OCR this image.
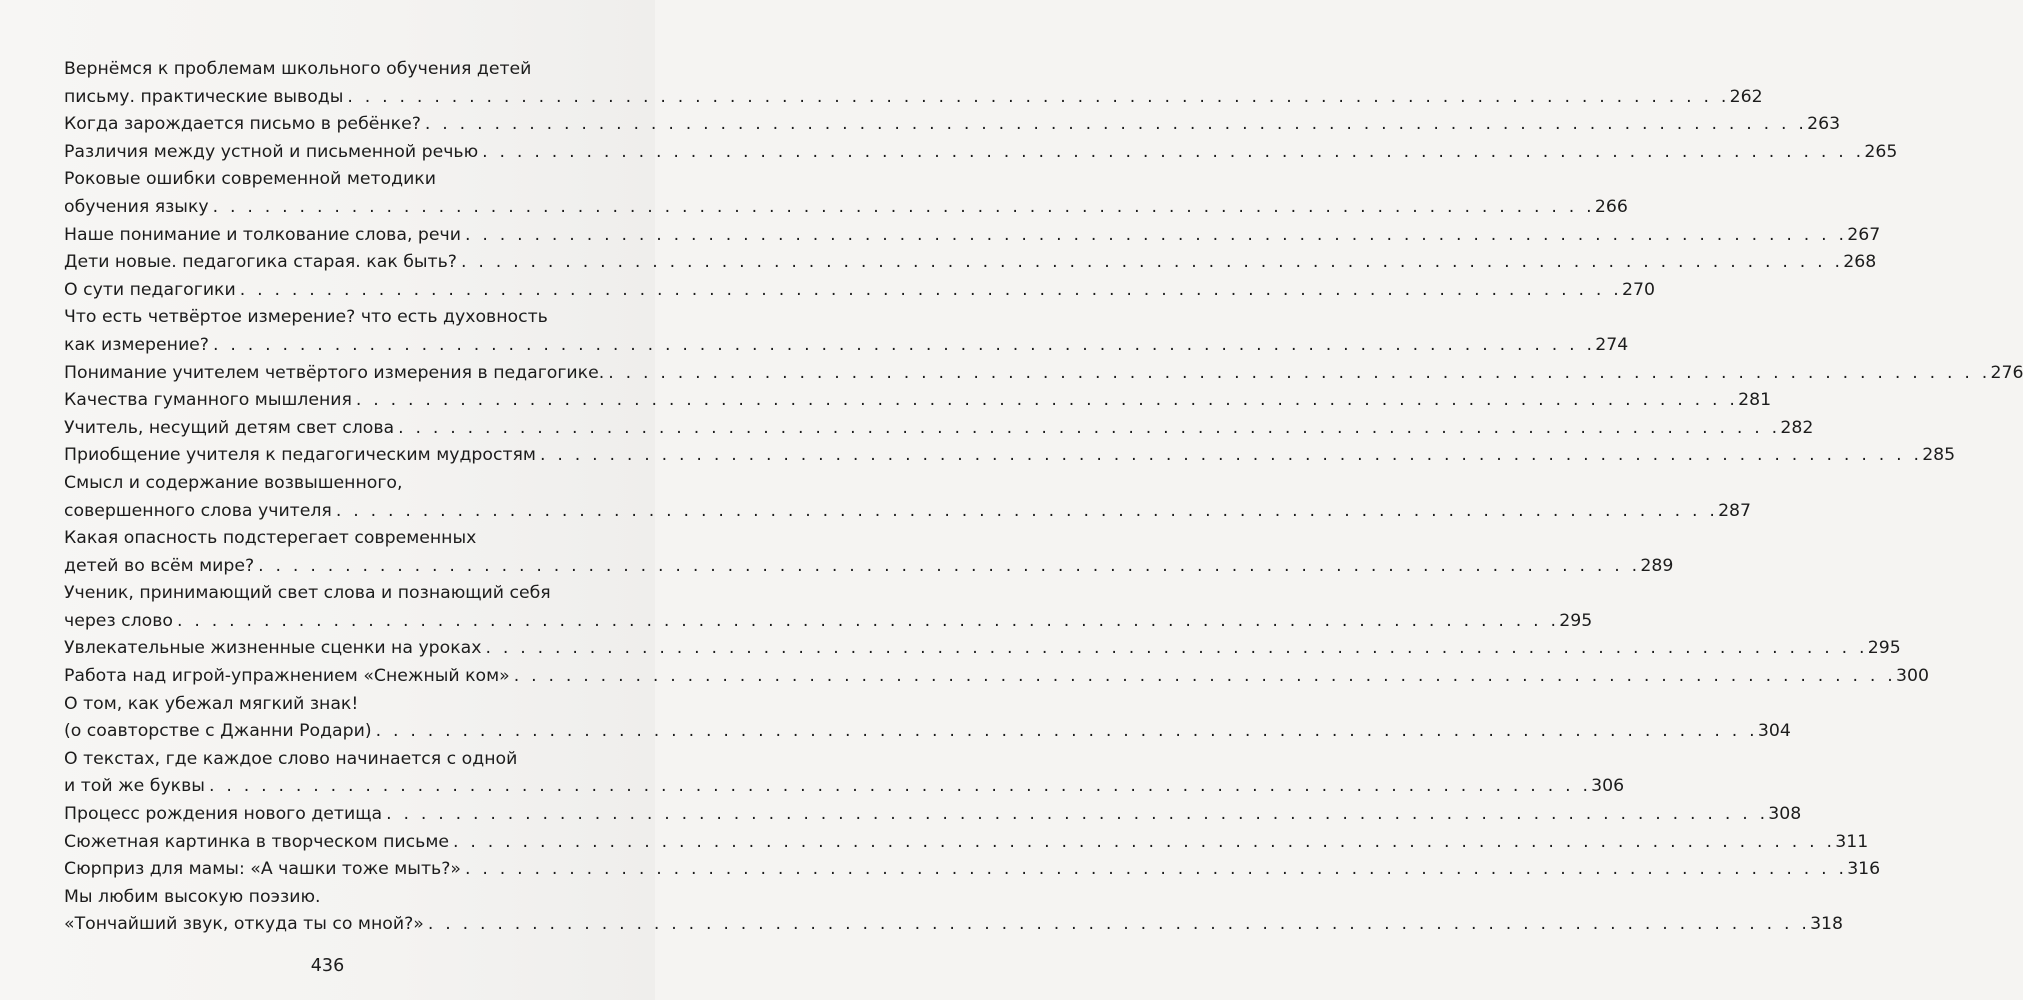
Вернёмся к проблемам школьного обучения детей
письму. практические выводы . . . . . . . . . . . . . . . . . . . . . . . . . . . . . . . . . . . . . . . . . . . . . . . . . . . . . . . . . . . . . . . . . . . . . . . . . . . . . . . . 262
Когда зарождается письмо в ребёнке? . . . . . . . . . . . . . . . . . . . . . . . . . . . . . . . . . . . . . . . . . . . . . . . . . . . . . . . . . . . . . . . . . . . . . . . . . . . . . . . . 263
Различия между устной и письменной речью . . . . . . . . . . . . . . . . . . . . . . . . . . . . . . . . . . . . . . . . . . . . . . . . . . . . . . . . . . . . . . . . . . . . . . . . . . . . . . . . 265
Роковые ошибки современной методики
обучения языку . . . . . . . . . . . . . . . . . . . . . . . . . . . . . . . . . . . . . . . . . . . . . . . . . . . . . . . . . . . . . . . . . . . . . . . . . . . . . . . . 266
Наше понимание и толкование слова, речи . . . . . . . . . . . . . . . . . . . . . . . . . . . . . . . . . . . . . . . . . . . . . . . . . . . . . . . . . . . . . . . . . . . . . . . . . . . . . . . . 267
Дети новые. педагогика старая. как быть? . . . . . . . . . . . . . . . . . . . . . . . . . . . . . . . . . . . . . . . . . . . . . . . . . . . . . . . . . . . . . . . . . . . . . . . . . . . . . . . . 268
О сути педагогики . . . . . . . . . . . . . . . . . . . . . . . . . . . . . . . . . . . . . . . . . . . . . . . . . . . . . . . . . . . . . . . . . . . . . . . . . . . . . . . . 270
Что есть четвёртое измерение? что есть духовность
как измерение? . . . . . . . . . . . . . . . . . . . . . . . . . . . . . . . . . . . . . . . . . . . . . . . . . . . . . . . . . . . . . . . . . . . . . . . . . . . . . . . . 274
Понимание учителем четвёртого измерения в педагогике. . . . . . . . . . . . . . . . . . . . . . . . . . . . . . . . . . . . . . . . . . . . . . . . . . . . . . . . . . . . . . . . . . . . . . . . . . . . . . . . . 276
Качества гуманного мышления . . . . . . . . . . . . . . . . . . . . . . . . . . . . . . . . . . . . . . . . . . . . . . . . . . . . . . . . . . . . . . . . . . . . . . . . . . . . . . . . 281
Учитель, несущий детям свет слова . . . . . . . . . . . . . . . . . . . . . . . . . . . . . . . . . . . . . . . . . . . . . . . . . . . . . . . . . . . . . . . . . . . . . . . . . . . . . . . . 282
Приобщение учителя к педагогическим мудростям . . . . . . . . . . . . . . . . . . . . . . . . . . . . . . . . . . . . . . . . . . . . . . . . . . . . . . . . . . . . . . . . . . . . . . . . . . . . . . . . 285
Смысл и содержание возвышенного,
совершенного слова учителя . . . . . . . . . . . . . . . . . . . . . . . . . . . . . . . . . . . . . . . . . . . . . . . . . . . . . . . . . . . . . . . . . . . . . . . . . . . . . . . . 287
Какая опасность подстерегает современных
детей во всём мире? . . . . . . . . . . . . . . . . . . . . . . . . . . . . . . . . . . . . . . . . . . . . . . . . . . . . . . . . . . . . . . . . . . . . . . . . . . . . . . . . 289
Ученик, принимающий свет слова и познающий себя
через слово . . . . . . . . . . . . . . . . . . . . . . . . . . . . . . . . . . . . . . . . . . . . . . . . . . . . . . . . . . . . . . . . . . . . . . . . . . . . . . . . 295
Увлекательные жизненные сценки на уроках . . . . . . . . . . . . . . . . . . . . . . . . . . . . . . . . . . . . . . . . . . . . . . . . . . . . . . . . . . . . . . . . . . . . . . . . . . . . . . . . 295
Работа над игрой-упражнением «Снежный ком» . . . . . . . . . . . . . . . . . . . . . . . . . . . . . . . . . . . . . . . . . . . . . . . . . . . . . . . . . . . . . . . . . . . . . . . . . . . . . . . . 300
О том, как убежал мягкий знак!
(о соавторстве с Джанни Родари) . . . . . . . . . . . . . . . . . . . . . . . . . . . . . . . . . . . . . . . . . . . . . . . . . . . . . . . . . . . . . . . . . . . . . . . . . . . . . . . . 304
О текстах, где каждое слово начинается с одной
и той же буквы . . . . . . . . . . . . . . . . . . . . . . . . . . . . . . . . . . . . . . . . . . . . . . . . . . . . . . . . . . . . . . . . . . . . . . . . . . . . . . . . 306
Процесс рождения нового детища . . . . . . . . . . . . . . . . . . . . . . . . . . . . . . . . . . . . . . . . . . . . . . . . . . . . . . . . . . . . . . . . . . . . . . . . . . . . . . . . 308
Сюжетная картинка в творческом письме . . . . . . . . . . . . . . . . . . . . . . . . . . . . . . . . . . . . . . . . . . . . . . . . . . . . . . . . . . . . . . . . . . . . . . . . . . . . . . . . 311
Сюрприз для мамы: «А чашки тоже мыть?» . . . . . . . . . . . . . . . . . . . . . . . . . . . . . . . . . . . . . . . . . . . . . . . . . . . . . . . . . . . . . . . . . . . . . . . . . . . . . . . . 316
Мы любим высокую поэзию.
«Тончайший звук, откуда ты со мной?» . . . . . . . . . . . . . . . . . . . . . . . . . . . . . . . . . . . . . . . . . . . . . . . . . . . . . . . . . . . . . . . . . . . . . . . . . . . . . . . . 318
436
